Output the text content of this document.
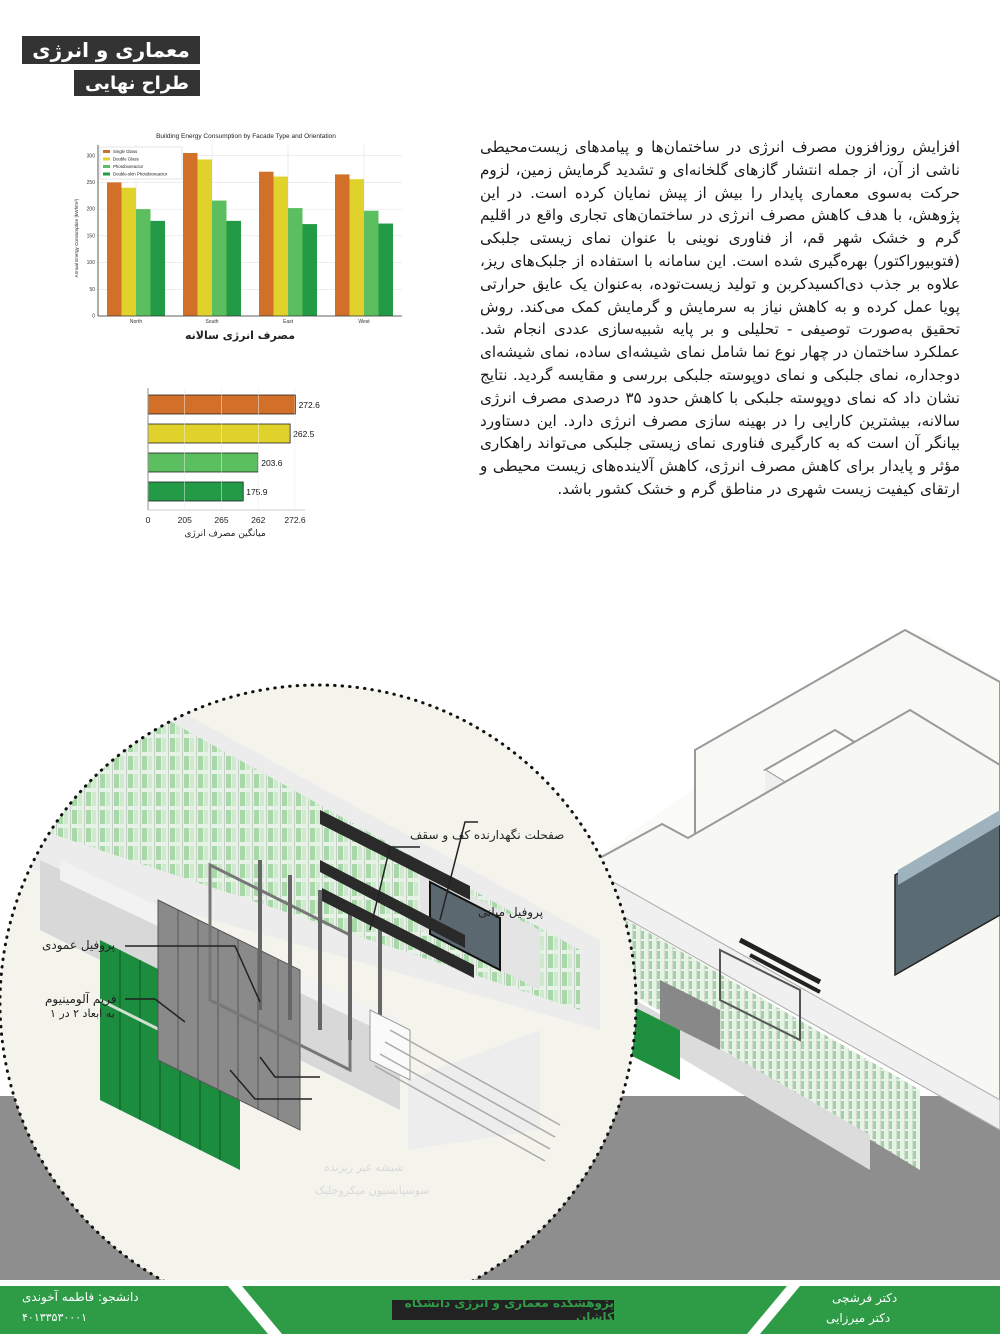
معماری و انرژی
طراح نهایی
Building Energy Consumption by Facade Type and Orientation
Annual Energy Consumption (kWh/m²)
0
50
100
150
200
250
300
North	South	East	West
Single Glass
Double Glass
Photobioreactor
Double-skin Photobioreactor
مصرف انرژی سالانه
272.6
262.5
203.6
175.9
0	205	265	262 272.6
میانگین مصرف انرژی
افزایش روزافزون مصرف انرژی در ساختمان‌ها و پیامدهای زیست‌محیطی ناشی از آن، از جمله انتشار گازهای گلخانه‌ای و تشدید گرمایش زمین، لزوم حرکت به‌سوی معماری پایدار را بیش از پیش نمایان کرده است. در این پژوهش، با هدف کاهش مصرف انرژی در ساختمان‌های تجاری واقع در اقلیم گرم و خشک شهر قم، از فناوری نوینی با عنوان نمای زیستی جلبکی (فتوبیوراکتور) بهره‌گیری شده است. این سامانه با استفاده از جلبک‌های ریز، علاوه بر جذب دی‌اکسیدکربن و تولید زیست‌توده، به‌عنوان یک عایق حرارتی پویا عمل کرده و به کاهش نیاز به سرمایش و گرمایش کمک می‌کند. روش تحقیق به‌صورت توصیفی - تحلیلی و بر پایه شبیه‌سازی عددی انجام شد. عملکرد ساختمان در چهار نوع نما شامل نمای شیشه‌ای ساده، نمای شیشه‌ای دوجداره، نمای جلبکی و نمای دوپوسته جلبکی بررسی و مقایسه گردید. نتایج نشان داد که نمای دوپوسته جلبکی با کاهش حدود ۳۵ درصدی مصرف انرژی سالانه، بیشترین کارایی را در بهینه سازی مصرف انرژی دارد. این دستاورد بیانگر آن است که به کارگیری فناوری نمای زیستی جلبکی می‌تواند راهکاری مؤثر و پایدار برای کاهش مصرف انرژی، کاهش آلاینده‌های زیست محیطی و ارتقای کیفیت زیست شهری در مناطق گرم و خشک کشور باشد.
صفحلت نگهدارنده کف و سقف
پروفیل میانی
پروفیل عمودی
فریم آلومینیوم
به ابعاد ۲ در ۱
شیشه غیر ریزنده
سوسپانسیون میکروجلبک
دانشجو: فاطمه آخوندی
۴۰۱۳۳۵۳۰۰۰۱
پژوهشکده معماری و انرژی دانشگاه کاشان
دکتر فرشچی
دکتر میرزایی
